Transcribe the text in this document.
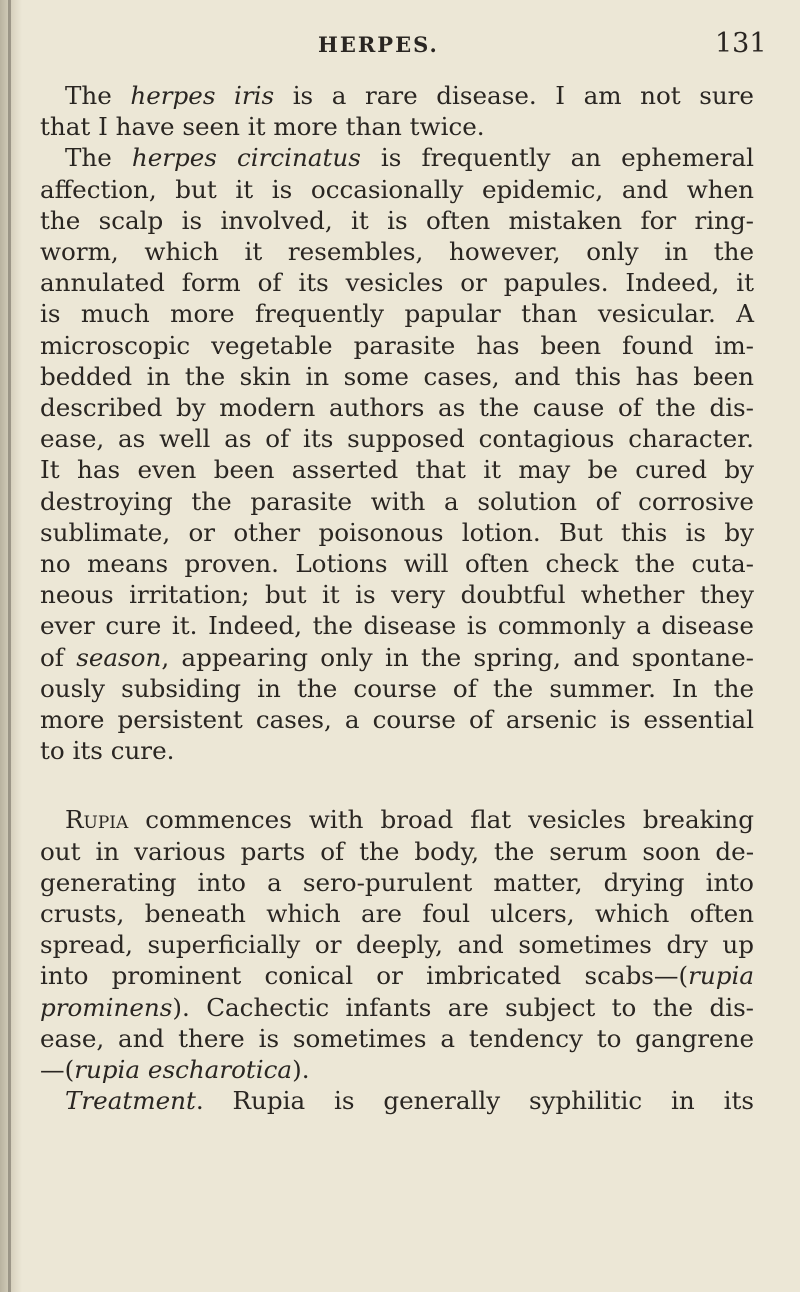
HERPES.	131
The herpes iris is a rare disease. I am not sure
that I have seen it more than twice.
The herpes circinatus is frequently an ephemeral
affection, but it is occasionally epidemic, and when
the scalp is involved, it is often mistaken for ring-
worm, which it resembles, however, only in the
annulated form of its vesicles or papules. Indeed, it
is much more frequently papular than vesicular. A
microscopic vegetable parasite has been found im-
bedded in the skin in some cases, and this has been
described by modern authors as the cause of the dis-
ease, as well as of its supposed contagious character.
It has even been asserted that it may be cured by
destroying the parasite with a solution of corrosive
sublimate, or other poisonous lotion. But this is by
no means proven. Lotions will often check the cuta-
neous irritation; but it is very doubtful whether they
ever cure it. Indeed, the disease is commonly a disease
of season, appearing only in the spring, and spontane-
ously subsiding in the course of the summer. In the
more persistent cases, a course of arsenic is essential
to its cure.
Rupia commences with broad flat vesicles breaking
out in various parts of the body, the serum soon de-
generating into a sero-purulent matter, drying into
crusts, beneath which are foul ulcers, which often
spread, superficially or deeply, and sometimes dry up
into prominent conical or imbricated scabs—(rupia
prominens). Cachectic infants are subject to the dis-
ease, and there is sometimes a tendency to gangrene
—(rupia escharotica).
Treatment. Rupia is generally syphilitic in its
